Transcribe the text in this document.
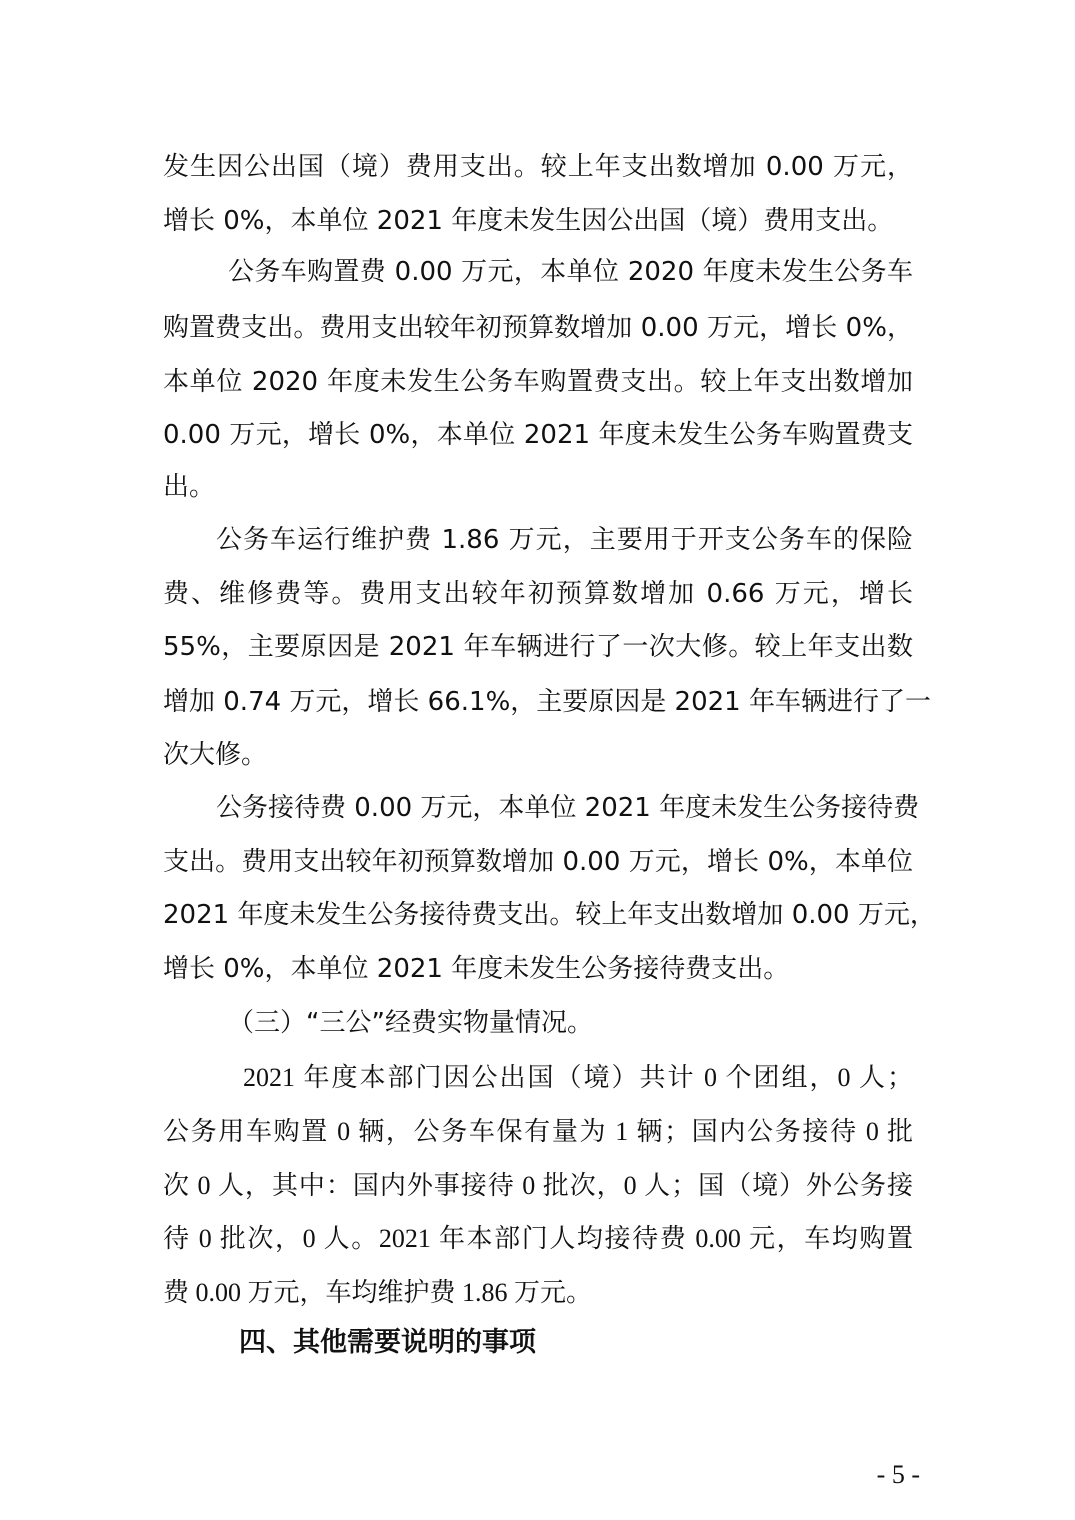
发生因公出国（境）费用支出。较上年支出数增加 0.00 万元，
增长 0%，本单位 2021 年度未发生因公出国（境）费用支出。
公务车购置费 0.00 万元，本单位 2020 年度未发生公务车
购置费支出。费用支出较年初预算数增加 0.00 万元，增长 0%，
本单位 2020 年度未发生公务车购置费支出。较上年支出数增加
0.00 万元，增长 0%，本单位 2021 年度未发生公务车购置费支
出。
公务车运行维护费 1.86 万元，主要用于开支公务车的保险
费、维修费等。费用支出较年初预算数增加 0.66 万元，增长
55%，主要原因是 2021 年车辆进行了一次大修。较上年支出数
增加 0.74 万元，增长 66.1%，主要原因是 2021 年车辆进行了一
次大修。
公务接待费 0.00 万元，本单位 2021 年度未发生公务接待费
支出。费用支出较年初预算数增加 0.00 万元，增长 0%，本单位
2021 年度未发生公务接待费支出。较上年支出数增加 0.00 万元，
增长 0%，本单位 2021 年度未发生公务接待费支出。
（三）“三公”经费实物量情况。
2021 年度本部门因公出国（境）共计 0 个团组，0 人；
公务用车购置 0 辆，公务车保有量为 1 辆；国内公务接待 0 批
次 0 人，其中：国内外事接待 0 批次，0 人；国（境）外公务接
待 0 批次，0 人。2021 年本部门人均接待费 0.00 元，车均购置
费 0.00 万元，车均维护费 1.86 万元。
四、其他需要说明的事项
- 5 -
